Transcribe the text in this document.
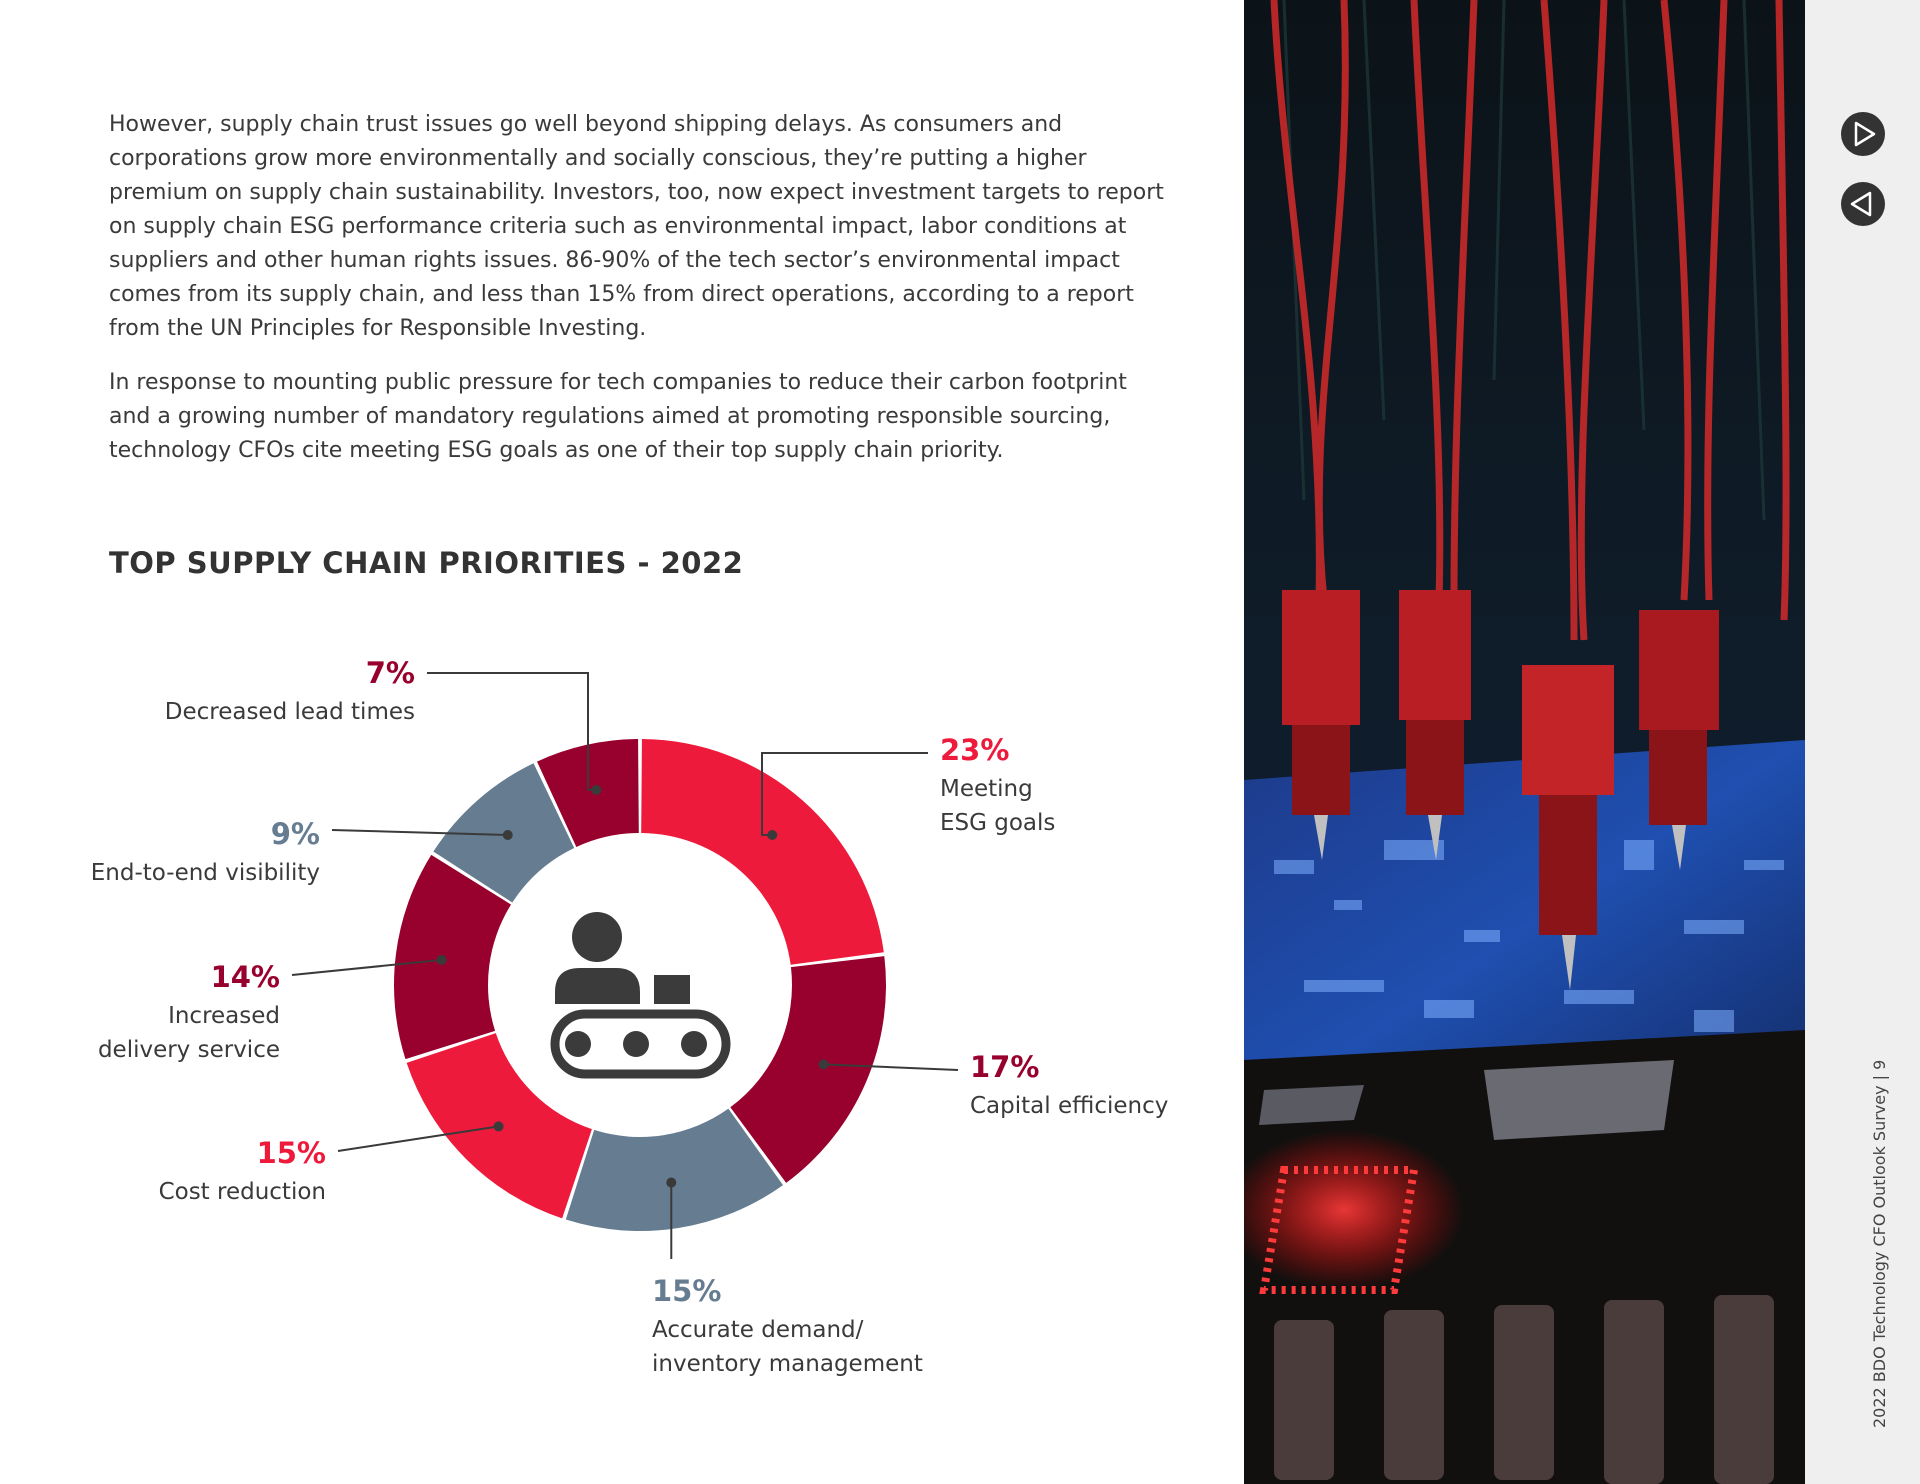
However, supply chain trust issues go well beyond shipping delays. As consumers and corporations grow more environmentally and socially conscious, they’re putting a higher premium on supply chain sustainability. Investors, too, now expect investment targets to report on supply chain ESG performance criteria such as environmental impact, labor conditions at suppliers and other human rights issues. 86-90% of the tech sector’s environmental impact comes from its supply chain, and less than 15% from direct operations, according to a report from the UN Principles for Responsible Investing.

In response to mounting public pressure for tech companies to reduce their carbon footprint and a growing number of mandatory regulations aimed at promoting responsible sourcing, technology CFOs cite meeting ESG goals as one of their top supply chain priority.

TOP SUPPLY CHAIN PRIORITIES - 2022
23%
Meeting
ESG goals
17%
Capital efficiency
15%
Accurate demand/
inventory management
15%
Cost reduction
14%
Increased
delivery service
9%
End-to-end visibility
7%
Decreased lead times
2022 BDO Technology CFO Outlook Survey | 9
